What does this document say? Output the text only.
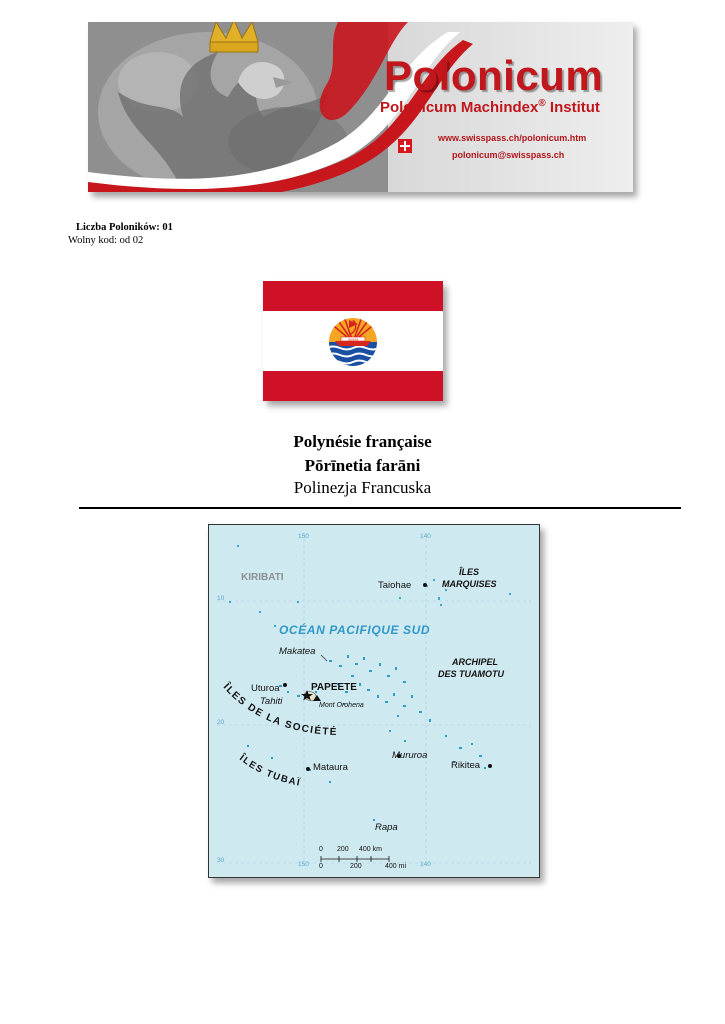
Polonicum
Polonicum Machindex® Institut
www.swisspass.ch/polonicum.htm
polonicum@swisspass.ch
Liczba Poloników: 01
Wolny kod: od 02
xxxxx
Polynésie française
Pōrīnetia farāni
Polinezja Francuska
150	140
10
20
30
150	140
KIRIBATI	ÎLES
MARQUISES
Taiohae
OCÉAN PACIFIQUE SUD
Makatea
ARCHIPEL
DES TUAMOTU
Uturoa	PAPEETE
Tahiti	Mont Orohena
Mururoa
Rikitea
Mataura
Rapa
ÎLES DE LA SOCIÉTÉ
ÎLES TUBAÏ
0 200 400 km
0	200	400 mi
